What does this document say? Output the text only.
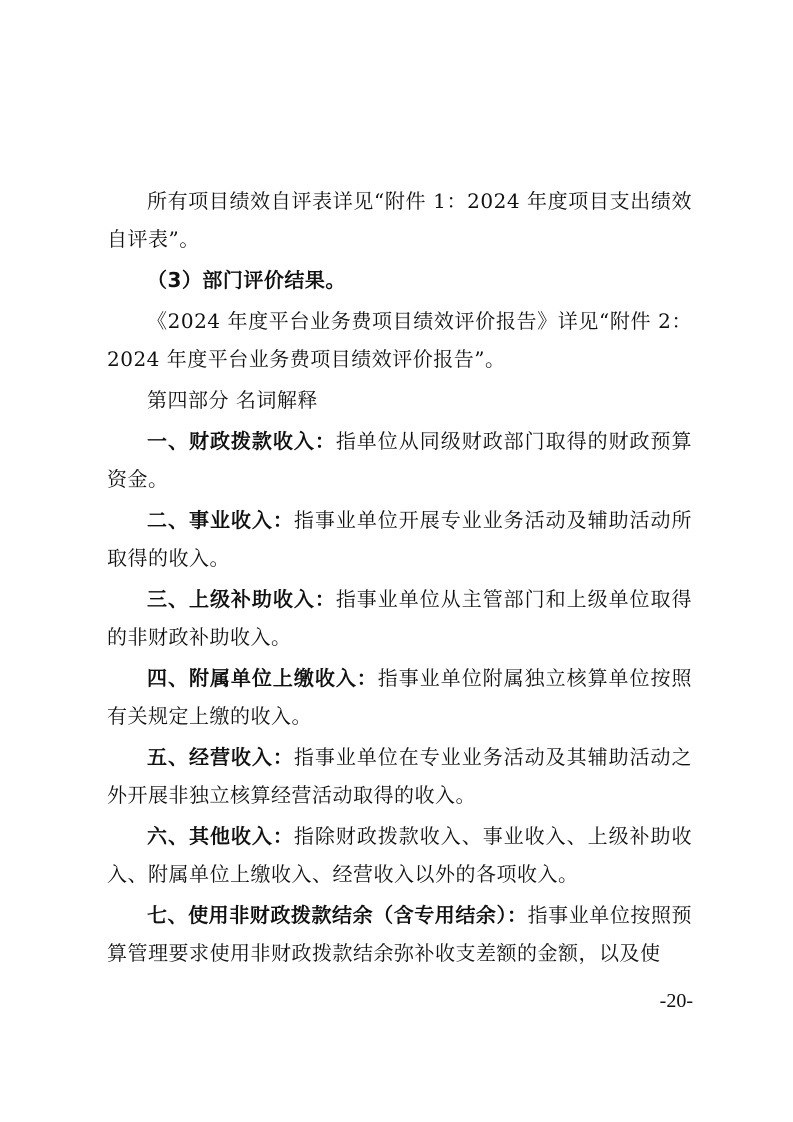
所有项目绩效自评表详见“附件 1：2024 年度项目支出绩效自评表”。

（3）部门评价结果。

《2024 年度平台业务费项目绩效评价报告》详见“附件 2：2024 年度平台业务费项目绩效评价报告”。

第四部分 名词解释

一、财政拨款收入：指单位从同级财政部门取得的财政预算资金。

二、事业收入：指事业单位开展专业业务活动及辅助活动所取得的收入。

三、上级补助收入：指事业单位从主管部门和上级单位取得的非财政补助收入。

四、附属单位上缴收入：指事业单位附属独立核算单位按照有关规定上缴的收入。

五、经营收入：指事业单位在专业业务活动及其辅助活动之外开展非独立核算经营活动取得的收入。

六、其他收入：指除财政拨款收入、事业收入、上级补助收入、附属单位上缴收入、经营收入以外的各项收入。

七、使用非财政拨款结余（含专用结余）：指事业单位按照预算管理要求使用非财政拨款结余弥补收支差额的金额，以及使

-20-
